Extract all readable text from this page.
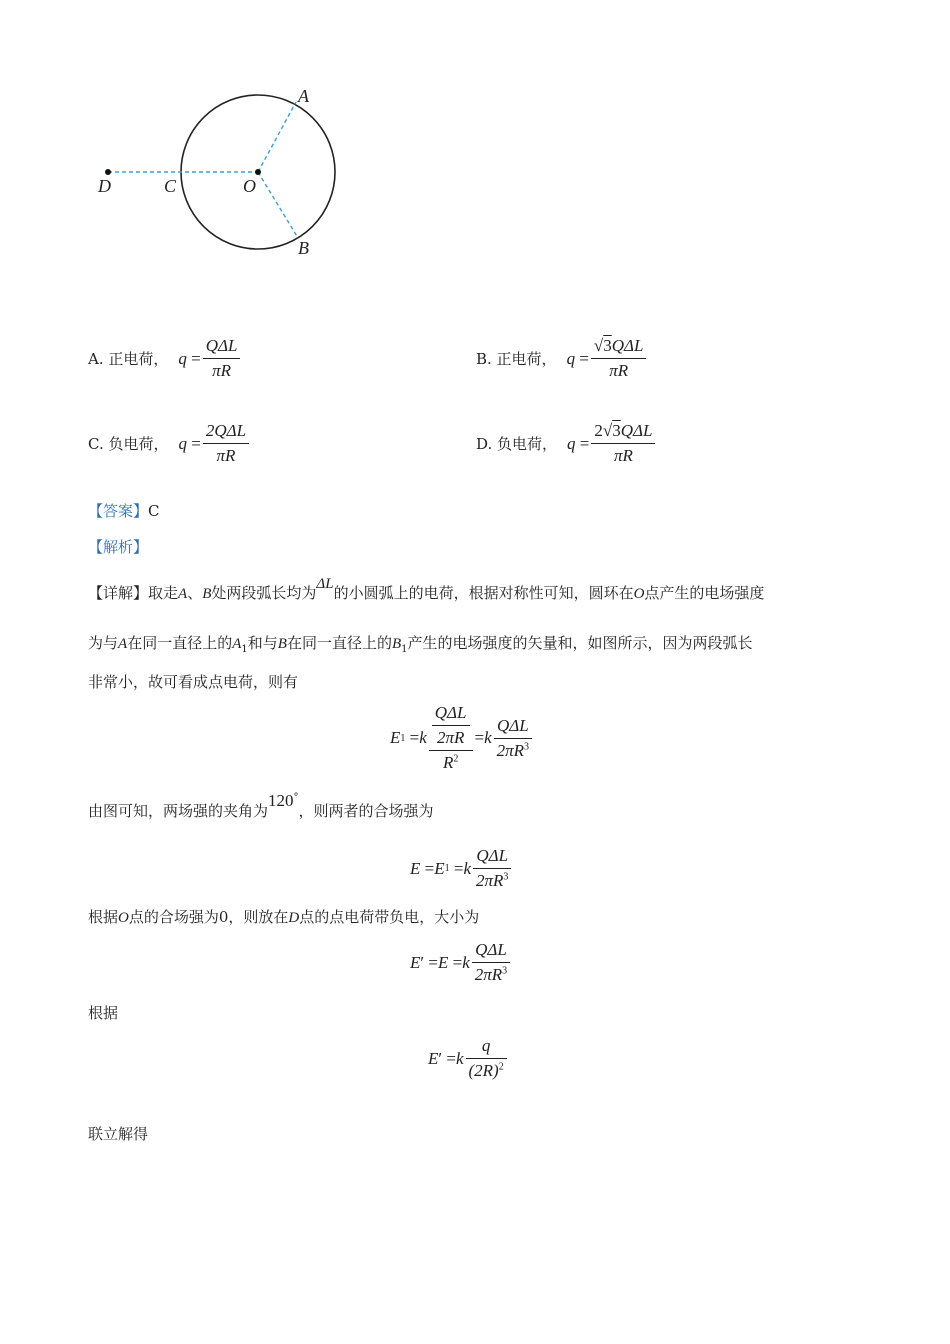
A
B
C
D	O
A. 正电荷， $q = \frac{\text{QΔL}}{\pi R}$	B. 正电荷， $q = \frac{\text{√3QΔL}}{\pi R}$
C. 负电荷， $q = \frac{\text{2QΔL}}{\pi R}$	D. 负电荷， $q = \frac{\text{2√3QΔL}}{\pi R}$
【答案】C
【解析】
【详解】取走A、B处两段弧长均为ΔL的小圆弧上的电荷，根据对称性可知，圆环在O点产生的电场强度
为与A在同一直径上的$A_1$和与B在同一直径上的$B_1$产生的电场强度的矢量和，如图所示，因为两段弧长
非常小，故可看成点电荷，则有
E 1 = k $\frac{\frac{\text{QΔL}}{2\pi R}}{R^2} = k \frac{\text{QΔL}}{2\pi R^3}$
由图可知，两场强的夹角为120°，则两者的合场强为
E = E 1 = k $\frac{\text{QΔL}}{2\pi R^3}$
根据O点的合场强为0，则放在D点的点电荷带负电，大小为
E ′ = E = k $\frac{\text{QΔL}}{2\pi R^3}$
根据
E ′ = k $\frac{q}{(2R)^2}$
联立解得
